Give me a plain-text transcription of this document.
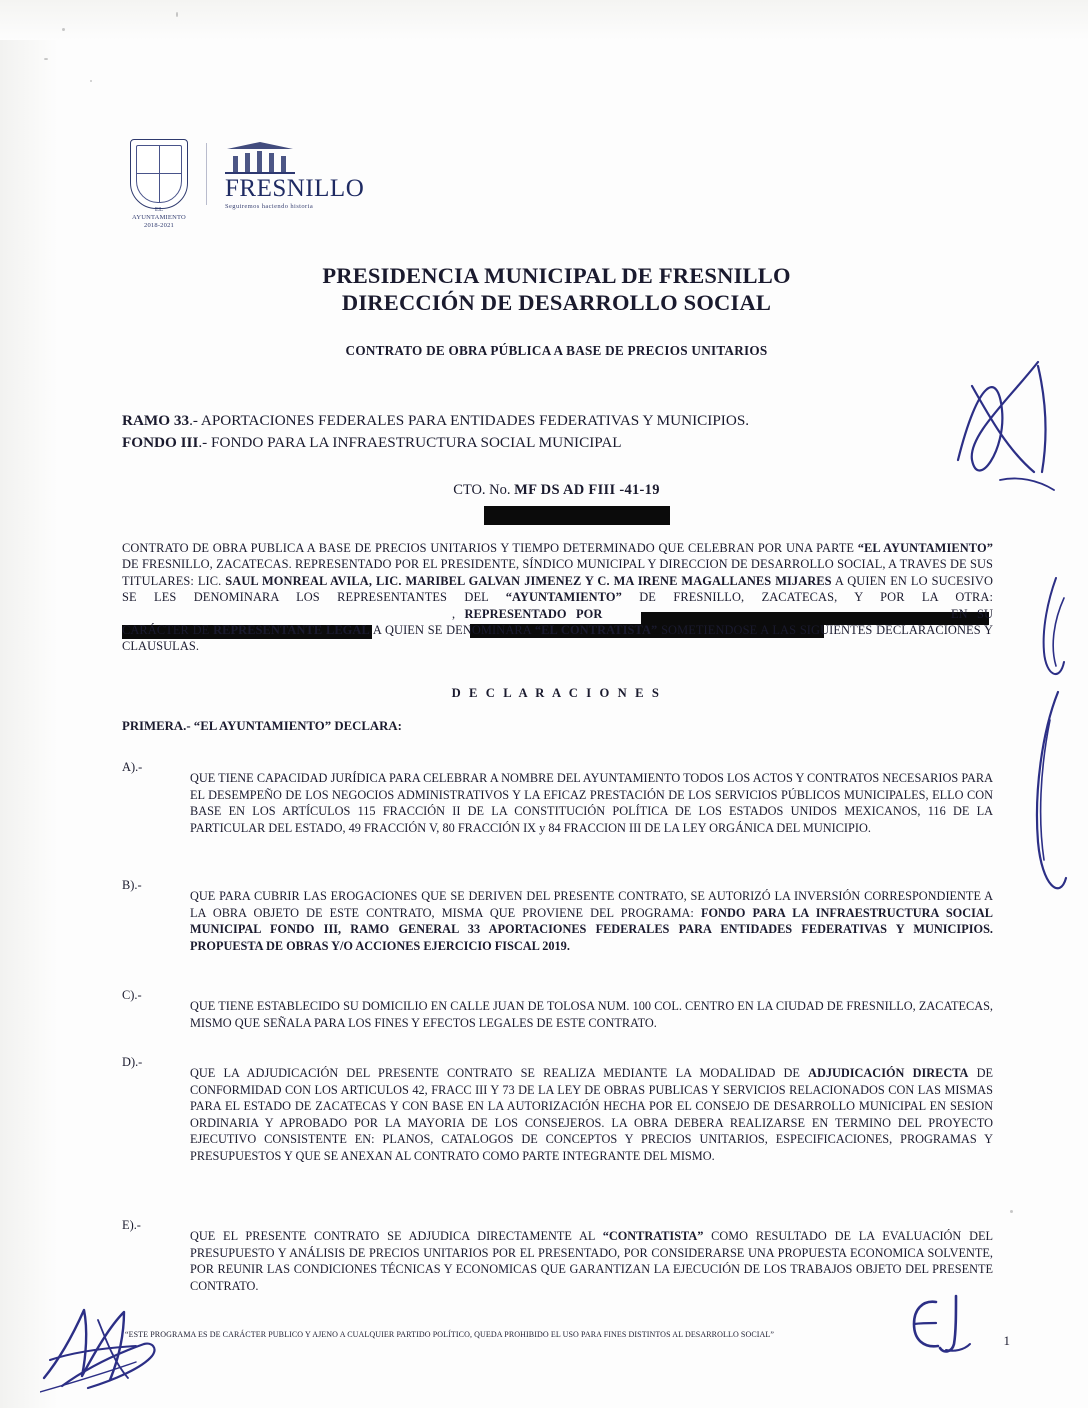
EL AYUNTAMIENTO
2018-2021
FRESNILLO
Seguiremos haciendo historia
PRESIDENCIA MUNICIPAL DE FRESNILLO
DIRECCIÓN DE DESARROLLO SOCIAL
CONTRATO DE OBRA PÚBLICA A BASE DE PRECIOS UNITARIOS
RAMO 33.- APORTACIONES FEDERALES PARA ENTIDADES FEDERATIVAS Y MUNICIPIOS.
FONDO III.- FONDO PARA LA INFRAESTRUCTURA SOCIAL MUNICIPAL
CTO. No. MF DS AD FIII -41-19

CONTRATO DE OBRA PUBLICA A BASE DE PRECIOS UNITARIOS Y TIEMPO DETERMINADO QUE CELEBRAN POR UNA PARTE “EL AYUNTAMIENTO” DE FRESNILLO, ZACATECAS. REPRESENTADO POR EL PRESIDENTE, SÍNDICO MUNICIPAL Y DIRECCION DE DESARROLLO SOCIAL, A TRAVES DE SUS TITULARES: LIC. SAUL MONREAL AVILA, LIC. MARIBEL GALVAN JIMENEZ Y C. MA IRENE MAGALLANES MIJARES A QUIEN EN LO SUCESIVO SE LES DENOMINARA LOS REPRESENTANTES DEL “AYUNTAMIENTO” DE FRESNILLO, ZACATECAS, Y POR LA OTRA: , REPRESENTADO POR	EN SU CARÁCTER DE REPRESENTANTE LEGAL A QUIEN SE DENOMINARA “EL CONTRATISTA” SOMETIENDOSE A LAS SIGUIENTES DECLARACIONES Y CLAUSULAS.

D E C L A R A C I O N E S
PRIMERA.- “EL AYUNTAMIENTO” DECLARA:
A).-
QUE TIENE CAPACIDAD JURÍDICA PARA CELEBRAR A NOMBRE DEL AYUNTAMIENTO TODOS LOS ACTOS Y CONTRATOS NECESARIOS PARA EL DESEMPEÑO DE LOS NEGOCIOS ADMINISTRATIVOS Y LA EFICAZ PRESTACIÓN DE LOS SERVICIOS PÚBLICOS MUNICIPALES, ELLO CON BASE EN LOS ARTÍCULOS 115 FRACCIÓN II DE LA CONSTITUCIÓN POLÍTICA DE LOS ESTADOS UNIDOS MEXICANOS, 116 DE LA PARTICULAR DEL ESTADO, 49 FRACCIÓN V, 80 FRACCIÓN IX y 84 FRACCION III DE LA LEY ORGÁNICA DEL MUNICIPIO.
B).-
QUE PARA CUBRIR LAS EROGACIONES QUE SE DERIVEN DEL PRESENTE CONTRATO, SE AUTORIZÓ LA INVERSIÓN CORRESPONDIENTE A LA OBRA OBJETO DE ESTE CONTRATO, MISMA QUE PROVIENE DEL PROGRAMA: FONDO PARA LA INFRAESTRUCTURA SOCIAL MUNICIPAL FONDO III, RAMO GENERAL 33 APORTACIONES FEDERALES PARA ENTIDADES FEDERATIVAS Y MUNICIPIOS. PROPUESTA DE OBRAS Y/O ACCIONES EJERCICIO FISCAL 2019.
C).-
QUE TIENE ESTABLECIDO SU DOMICILIO EN CALLE JUAN DE TOLOSA NUM. 100 COL. CENTRO EN LA CIUDAD DE FRESNILLO, ZACATECAS, MISMO QUE SEÑALA PARA LOS FINES Y EFECTOS LEGALES DE ESTE CONTRATO.
D).-
QUE LA ADJUDICACIÓN DEL PRESENTE CONTRATO SE REALIZA MEDIANTE LA MODALIDAD DE ADJUDICACIÓN DIRECTA DE CONFORMIDAD CON LOS ARTICULOS 42, FRACC III Y 73 DE LA LEY DE OBRAS PUBLICAS Y SERVICIOS RELACIONADOS CON LAS MISMAS PARA EL ESTADO DE ZACATECAS Y CON BASE EN LA AUTORIZACIÓN HECHA POR EL CONSEJO DE DESARROLLO MUNICIPAL EN SESION ORDINARIA Y APROBADO POR LA MAYORIA DE LOS CONSEJEROS. LA OBRA DEBERA REALIZARSE EN TERMINO DEL PROYECTO EJECUTIVO CONSISTENTE EN: PLANOS, CATALOGOS DE CONCEPTOS Y PRECIOS UNITARIOS, ESPECIFICACIONES, PROGRAMAS Y PRESUPUESTOS Y QUE SE ANEXAN AL CONTRATO COMO PARTE INTEGRANTE DEL MISMO.
E).-
QUE EL PRESENTE CONTRATO SE ADJUDICA DIRECTAMENTE AL “CONTRATISTA” COMO RESULTADO DE LA EVALUACIÓN DEL PRESUPUESTO Y ANÁLISIS DE PRECIOS UNITARIOS POR EL PRESENTADO, POR CONSIDERARSE UNA PROPUESTA ECONOMICA SOLVENTE, POR REUNIR LAS CONDICIONES TÉCNICAS Y ECONOMICAS QUE GARANTIZAN LA EJECUCIÓN DE LOS TRABAJOS OBJETO DEL PRESENTE CONTRATO.
“ESTE PROGRAMA ES DE CARÁCTER PUBLICO Y AJENO A CUALQUIER PARTIDO POLÍTICO, QUEDA PROHIBIDO EL USO PARA FINES DISTINTOS AL DESARROLLO SOCIAL”	1
